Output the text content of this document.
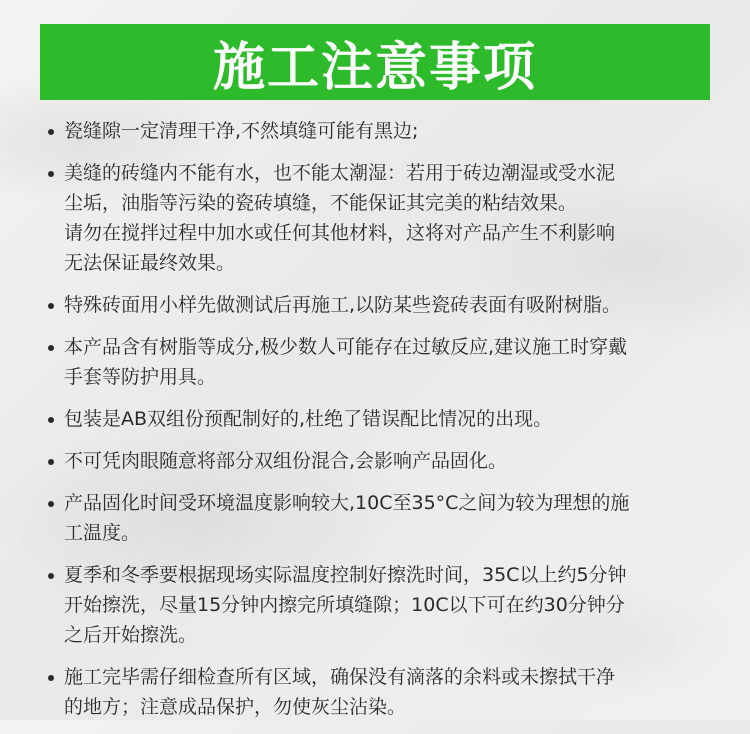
施工注意事项
瓷缝隙一定清理干净,不然填缝可能有黑边;
美缝的砖缝内不能有水，也不能太潮湿：若用于砖边潮湿或受水泥
尘垢，油脂等污染的瓷砖填缝，不能保证其完美的粘结效果。
请勿在搅拌过程中加水或任何其他材料，这将对产品产生不利影响
无法保证最终效果。
特殊砖面用小样先做测试后再施工,以防某些瓷砖表面有吸附树脂。
本产品含有树脂等成分,极少数人可能存在过敏反应,建议施工时穿戴
手套等防护用具。
包装是AB双组份预配制好的,杜绝了错误配比情况的出现。
不可凭肉眼随意将部分双组份混合,会影响产品固化。
产品固化时间受环境温度影响较大,10C至35°C之间为较为理想的施
工温度。
夏季和冬季要根据现场实际温度控制好擦洗时间，35C以上约5分钟
开始擦洗，尽量15分钟内擦完所填缝隙；10C以下可在约30分钟分
之后开始擦洗。
施工完毕需仔细检查所有区域，确保没有滴落的余料或未擦拭干净
的地方；注意成品保护，勿使灰尘沾染。
